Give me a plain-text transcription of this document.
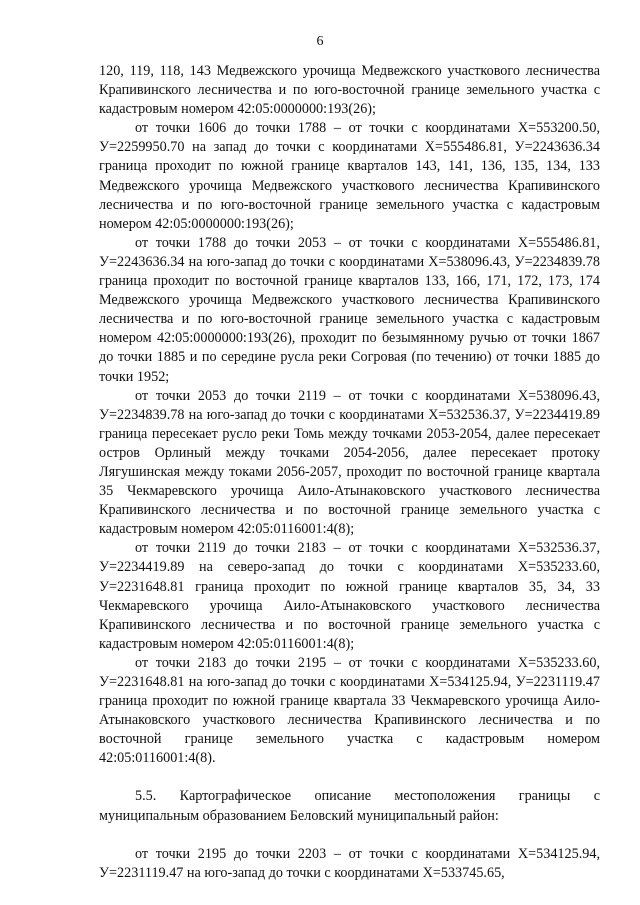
6

120, 119, 118, 143 Медвежского урочища Медвежского участкового лесничества Крапивинского лесничества и по юго-восточной границе земельного участка с кадастровым номером 42:05:0000000:193(26);

от точки 1606 до точки 1788 – от точки с координатами Х=553200.50, У=2259950.70 на запад до точки с координатами Х=555486.81, У=2243636.34 граница проходит по южной границе кварталов 143, 141, 136, 135, 134, 133 Медвежского урочища Медвежского участкового лесничества Крапивинского лесничества и по юго-восточной границе земельного участка с кадастровым номером 42:05:0000000:193(26);

от точки 1788 до точки 2053 – от точки с координатами Х=555486.81, У=2243636.34 на юго-запад до точки с координатами Х=538096.43, У=2234839.78 граница проходит по восточной границе кварталов 133, 166, 171, 172, 173, 174 Медвежского урочища Медвежского участкового лесничества Крапивинского лесничества и по юго-восточной границе земельного участка с кадастровым номером 42:05:0000000:193(26), проходит по безымянному ручью от точки 1867 до точки 1885 и по середине русла реки Согровая (по течению) от точки 1885 до точки 1952;

от точки 2053 до точки 2119 – от точки с координатами Х=538096.43, У=2234839.78 на юго-запад до точки с координатами Х=532536.37, У=2234419.89 граница пересекает русло реки Томь между точками 2053-2054, далее пересекает остров Орлиный между точками 2054-2056, далее пересекает протоку Лягушинская между токами 2056-2057, проходит по восточной границе квартала 35 Чекмаревского урочища Аило-Атынаковского участкового лесничества Крапивинского лесничества и по восточной границе земельного участка с кадастровым номером 42:05:0116001:4(8);

от точки 2119 до точки 2183 – от точки с координатами Х=532536.37, У=2234419.89 на северо-запад до точки с координатами Х=535233.60, У=2231648.81 граница проходит по южной границе кварталов 35, 34, 33 Чекмаревского урочища Аило-Атынаковского участкового лесничества Крапивинского лесничества и по восточной границе земельного участка с кадастровым номером 42:05:0116001:4(8);

от точки 2183 до точки 2195 – от точки с координатами Х=535233.60, У=2231648.81 на юго-запад до точки с координатами Х=534125.94, У=2231119.47 граница проходит по южной границе квартала 33 Чекмаревского урочища Аило-Атынаковского участкового лесничества Крапивинского лесничества и по восточной границе земельного участка с кадастровым номером 42:05:0116001:4(8).

5.5. Картографическое описание местоположения границы с муниципальным образованием Беловский муниципальный район:

от точки 2195 до точки 2203 – от точки с координатами Х=534125.94, У=2231119.47 на юго-запад до точки с координатами Х=533745.65,
